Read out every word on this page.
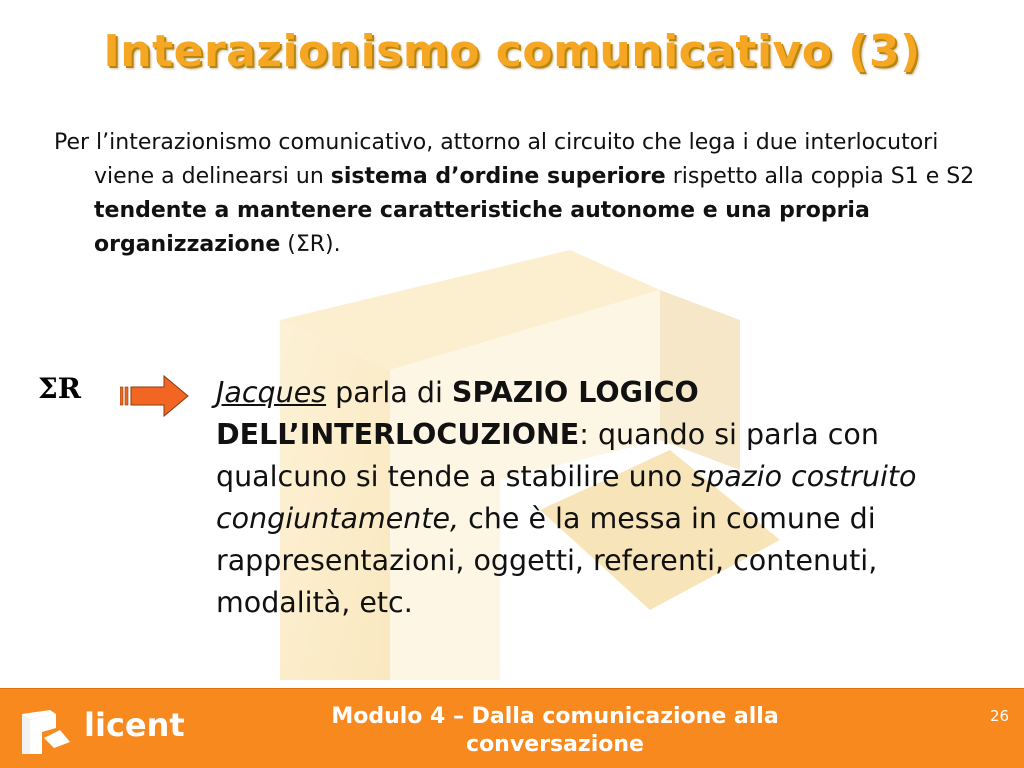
Interazionismo comunicativo (3)
Per l’interazionismo comunicativo, attorno al circuito che lega i due interlocutori viene a delinearsi un sistema d’ordine superiore rispetto alla coppia S1 e S2 tendente a mantenere caratteristiche autonome e una propria organizzazione (ΣR).
ΣR	Jacques parla di SPAZIO LOGICO DELL’INTERLOCUZIONE: quando si parla con qualcuno si tende a stabilire uno spazio costruito congiuntamente, che è la messa in comune di rappresentazioni, oggetti, referenti, contenuti, modalità, etc.
licent	Modulo 4 – Dalla comunicazione alla
conversazione
26
